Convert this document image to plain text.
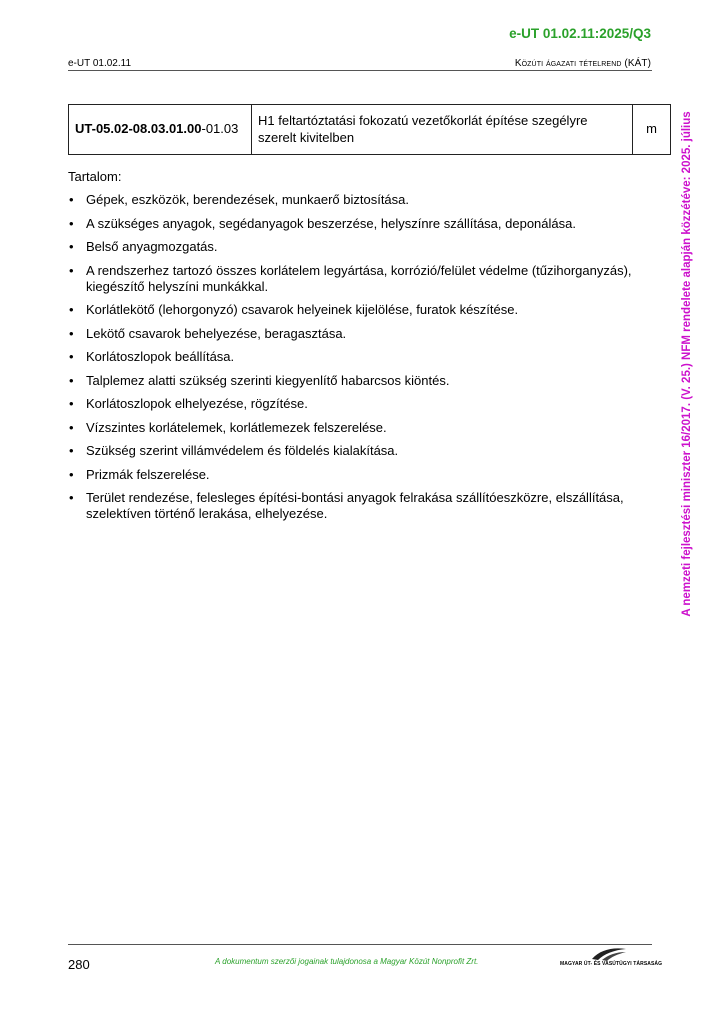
e-UT 01.02.11:2025/Q3
e-UT 01.02.11	Közúti ágazati tételrend (KÁT)
UT-05.02-08.03.01.00-01.03	H1 feltartóztatási fokozatú vezetőkorlát építése szegélyre szerelt kivitelben	m
Tartalom:
• Gépek, eszközök, berendezések, munkaerő biztosítása.
• A szükséges anyagok, segédanyagok beszerzése, helyszínre szállítása, deponálása.
• Belső anyagmozgatás.
• A rendszerhez tartozó összes korlátelem legyártása, korrózió/felület védelme (tűzihorganyzás), kiegészítő helyszíni munkákkal.
• Korlátlekötő (lehorgonyzó) csavarok helyeinek kijelölése, furatok készítése.
• Lekötő csavarok behelyezése, beragasztása.
• Korlátoszlopok beállítása.
• Talplemez alatti szükség szerinti kiegyenlítő habarcsos kiöntés.
• Korlátoszlopok elhelyezése, rögzítése.
• Vízszintes korlátelemek, korlátlemezek felszerelése.
• Szükség szerint villámvédelem és földelés kialakítása.
• Prizmák felszerelése.
• Terület rendezése, felesleges építési-bontási anyagok felrakása szállítóeszközre, elszállítása, szelektíven történő lerakása, elhelyezése.	A nemzeti fejlesztési miniszter 16/2017. (V. 25.) NFM rendelete alapján közzétéve: 2025. július
280	A dokumentum szerzői jogainak tulajdonosa a Magyar Közút Nonprofit Zrt.	MAGYAR ÚT- ÉS VASÚTÜGYI TÁRSASÁG
